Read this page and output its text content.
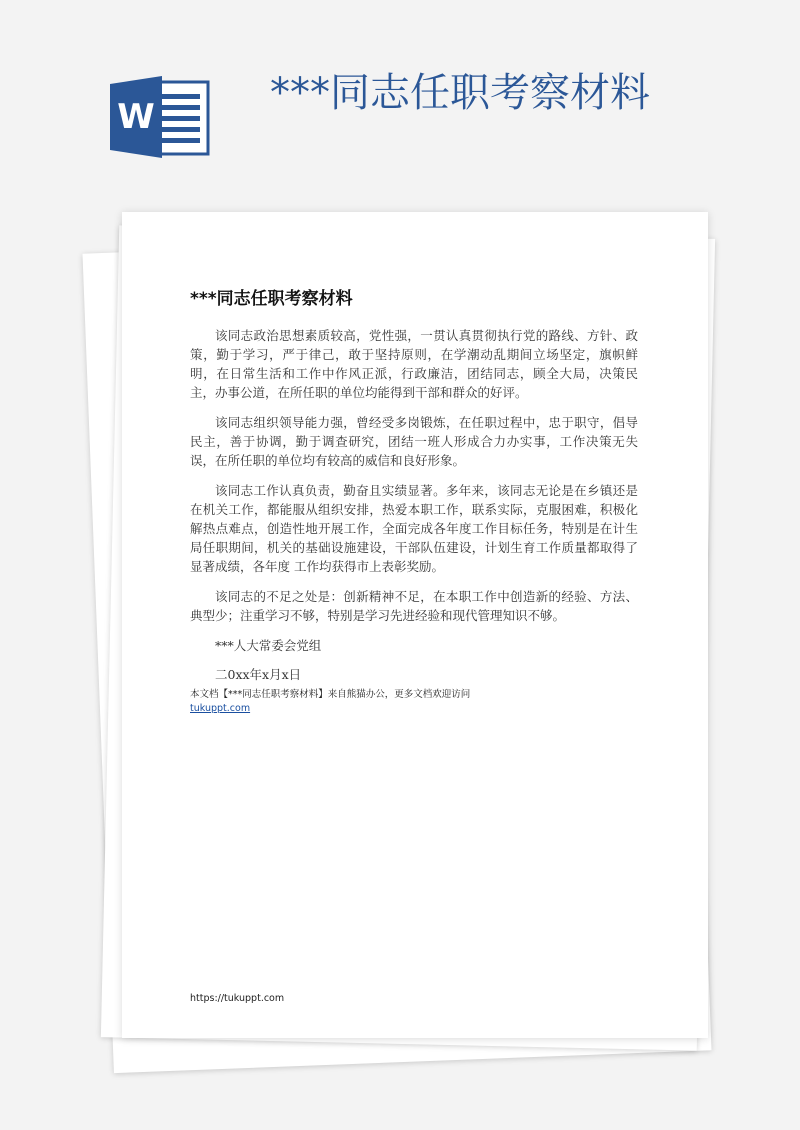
W
***同志任职考察材料
***同志任职考察材料

该同志政治思想素质较高，党性强，一贯认真贯彻执行党的路线、方针、政策，勤于学习，严于律己，敢于坚持原则，在学潮动乱期间立场坚定，旗帜鲜明，在日常生活和工作中作风正派，行政廉洁，团结同志，顾全大局，决策民主，办事公道，在所任职的单位均能得到干部和群众的好评。

该同志组织领导能力强，曾经受多岗锻炼，在任职过程中，忠于职守，倡导民主，善于协调，勤于调查研究，团结一班人形成合力办实事，工作决策无失误，在所任职的单位均有较高的威信和良好形象。

该同志工作认真负责，勤奋且实绩显著。多年来，该同志无论是在乡镇还是在机关工作，都能服从组织安排，热爱本职工作，联系实际，克服困难，积极化解热点难点，创造性地开展工作，全面完成各年度工作目标任务，特别是在计生局任职期间，机关的基础设施建设，干部队伍建设，计划生育工作质量都取得了显著成绩，各年度 工作均获得市上表彰奖励。

该同志的不足之处是：创新精神不足，在本职工作中创造新的经验、方法、典型少；注重学习不够，特别是学习先进经验和现代管理知识不够。

***人大常委会党组

二0xx年x月x日

本文档【***同志任职考察材料】来自熊猫办公，更多文档欢迎访问
tukuppt.com
https://tukuppt.com
